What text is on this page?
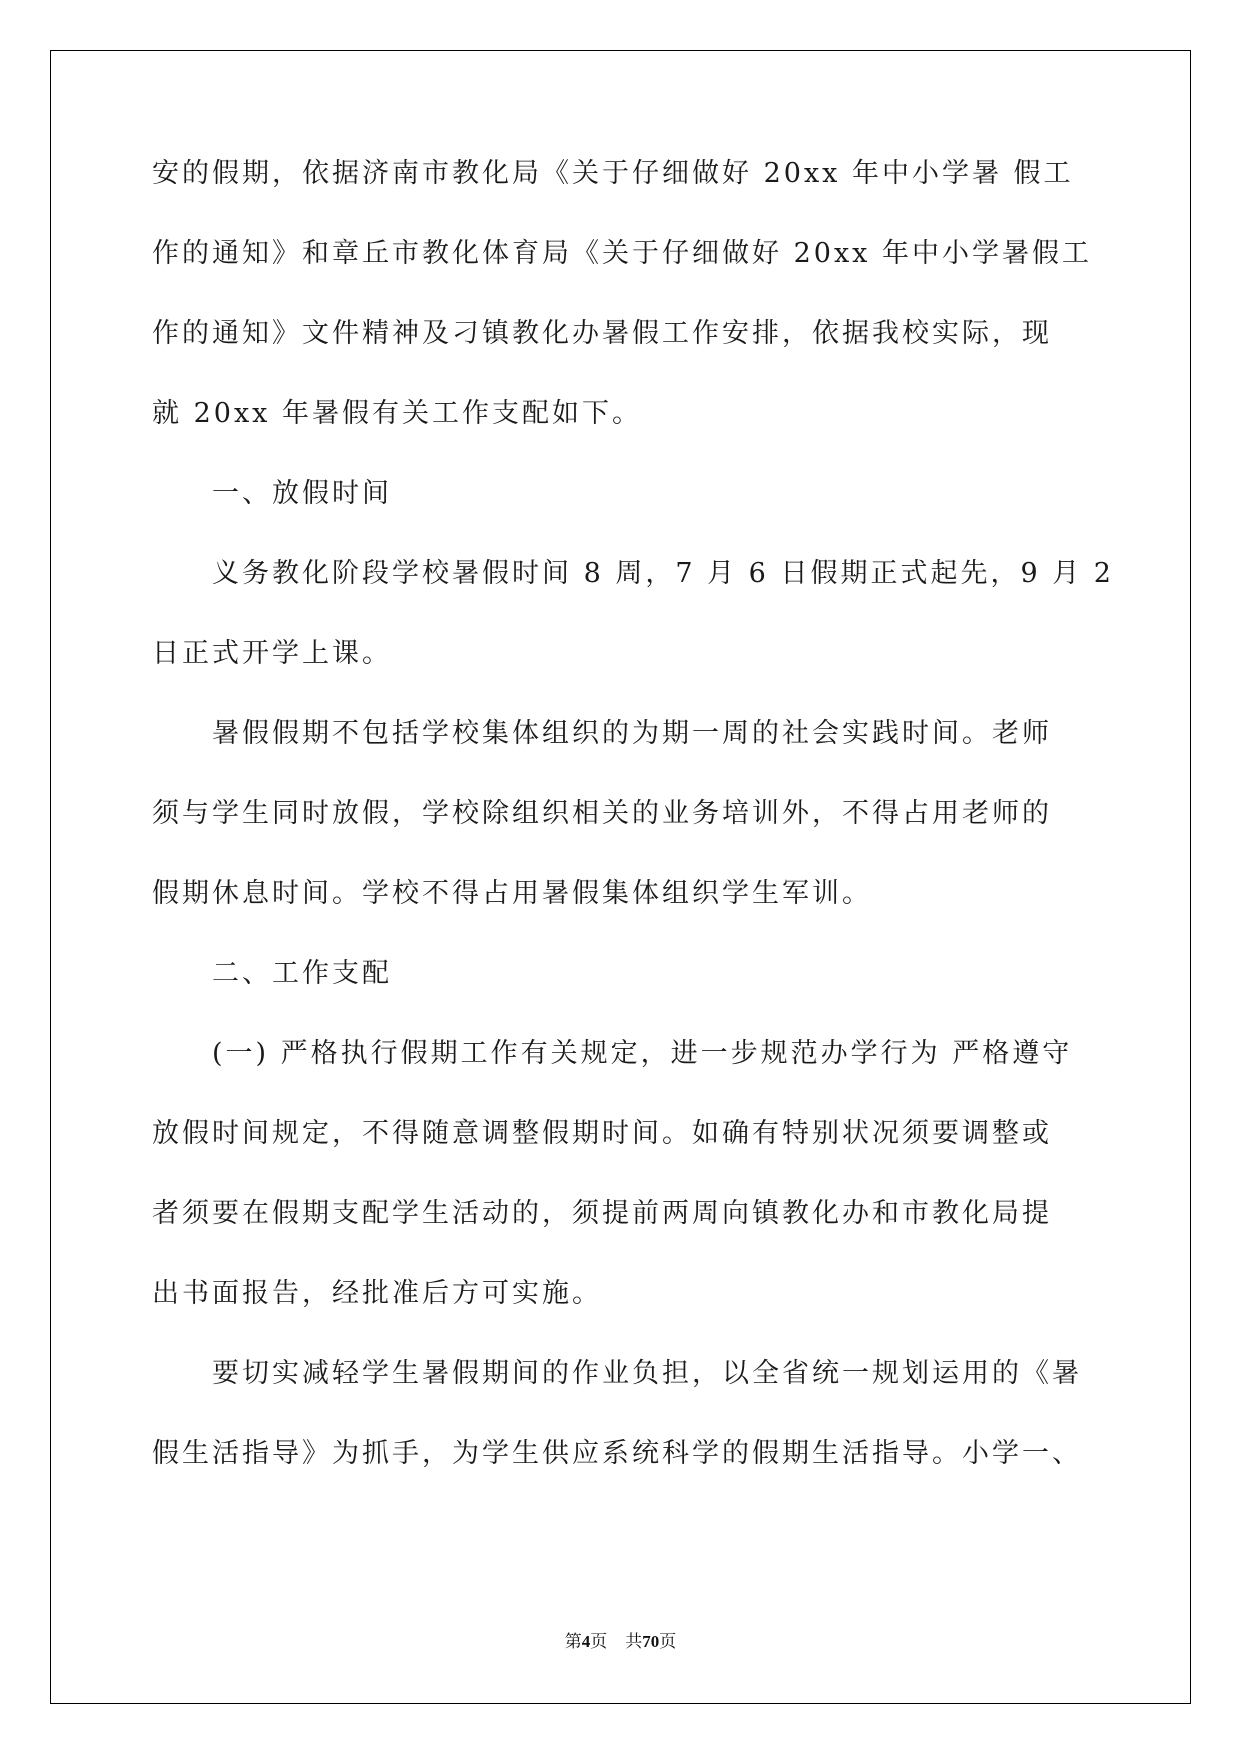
安的假期，依据济南市教化局《关于仔细做好 20xx 年中小学暑 假工
作的通知》和章丘市教化体育局《关于仔细做好 20xx 年中小学暑假工
作的通知》文件精神及刁镇教化办暑假工作安排，依据我校实际，现
就 20xx 年暑假有关工作支配如下。
一、放假时间
义务教化阶段学校暑假时间 8 周，7 月 6 日假期正式起先，9 月 2
日正式开学上课。
暑假假期不包括学校集体组织的为期一周的社会实践时间。老师
须与学生同时放假，学校除组织相关的业务培训外，不得占用老师的
假期休息时间。学校不得占用暑假集体组织学生军训。
二、工作支配
(一) 严格执行假期工作有关规定，进一步规范办学行为 严格遵守
放假时间规定，不得随意调整假期时间。如确有特别状况须要调整或
者须要在假期支配学生活动的，须提前两周向镇教化办和市教化局提
出书面报告，经批准后方可实施。
要切实减轻学生暑假期间的作业负担，以全省统一规划运用的《暑
假生活指导》为抓手，为学生供应系统科学的假期生活指导。小学一、
第4页 共70页
